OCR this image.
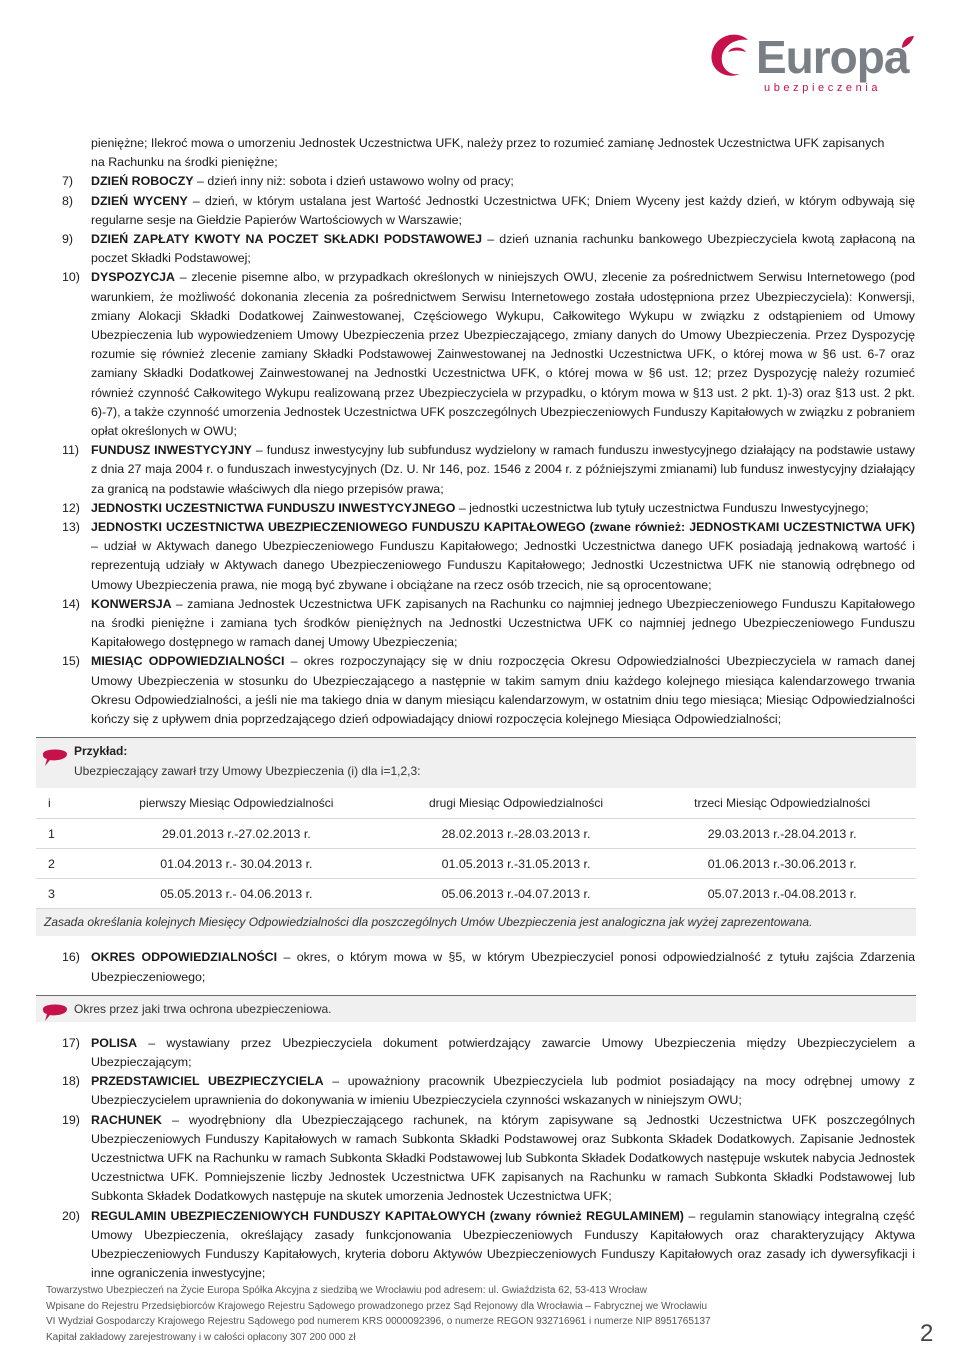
Europa
ubezpieczenia
pieniężne; Ilekroć mowa o umorzeniu Jednostek Uczestnictwa UFK, należy przez to rozumieć zamianę Jednostek Uczestnictwa UFK zapisanych
na Rachunku na środki pieniężne;
7) DZIEŃ ROBOCZY – dzień inny niż: sobota i dzień ustawowo wolny od pracy;
8) DZIEŃ WYCENY – dzień, w którym ustalana jest Wartość Jednostki Uczestnictwa UFK; Dniem Wyceny jest każdy dzień, w którym odbywają się regularne sesje na Giełdzie Papierów Wartościowych w Warszawie;
9) DZIEŃ ZAPŁATY KWOTY NA POCZET SKŁADKI PODSTAWOWEJ – dzień uznania rachunku bankowego Ubezpieczyciela kwotą zapłaconą na poczet Składki Podstawowej;
10) DYSPOZYCJA – zlecenie pisemne albo, w przypadkach określonych w niniejszych OWU, zlecenie za pośrednictwem Serwisu Internetowego (pod warunkiem, że możliwość dokonania zlecenia za pośrednictwem Serwisu Internetowego została udostępniona przez Ubezpieczyciela): Konwersji, zmiany Alokacji Składki Dodatkowej Zainwestowanej, Częściowego Wykupu, Całkowitego Wykupu w związku z odstąpieniem od Umowy Ubezpieczenia lub wypowiedzeniem Umowy Ubezpieczenia przez Ubezpieczającego, zmiany danych do Umowy Ubezpieczenia. Przez Dyspozycję rozumie się również zlecenie zamiany Składki Podstawowej Zainwestowanej na Jednostki Uczestnictwa UFK, o której mowa w §6 ust. 6-7 oraz zamiany Składki Dodatkowej Zainwestowanej na Jednostki Uczestnictwa UFK, o której mowa w §6 ust. 12; przez Dyspozycję należy rozumieć również czynność Całkowitego Wykupu realizowaną przez Ubezpieczyciela w przypadku, o którym mowa w §13 ust. 2 pkt. 1)-3) oraz §13 ust. 2 pkt. 6)-7), a także czynność umorzenia Jednostek Uczestnictwa UFK poszczególnych Ubezpieczeniowych Funduszy Kapitałowych w związku z pobraniem opłat określonych w OWU;
11) FUNDUSZ INWESTYCYJNY – fundusz inwestycyjny lub subfundusz wydzielony w ramach funduszu inwestycyjnego działający na podstawie ustawy z dnia 27 maja 2004 r. o funduszach inwestycyjnych (Dz. U. Nr 146, poz. 1546 z 2004 r. z późniejszymi zmianami) lub fundusz inwestycyjny działający za granicą na podstawie właściwych dla niego przepisów prawa;
12) JEDNOSTKI UCZESTNICTWA FUNDUSZU INWESTYCYJNEGO – jednostki uczestnictwa lub tytuły uczestnictwa Funduszu Inwestycyjnego;
13) JEDNOSTKI UCZESTNICTWA UBEZPIECZENIOWEGO FUNDUSZU KAPITAŁOWEGO (zwane również: JEDNOSTKAMI UCZESTNICTWA UFK) – udział w Aktywach danego Ubezpieczeniowego Funduszu Kapitałowego; Jednostki Uczestnictwa danego UFK posiadają jednakową wartość i reprezentują udziały w Aktywach danego Ubezpieczeniowego Funduszu Kapitałowego; Jednostki Uczestnictwa UFK nie stanowią odrębnego od Umowy Ubezpieczenia prawa, nie mogą być zbywane i obciążane na rzecz osób trzecich, nie są oprocentowane;
14) KONWERSJA – zamiana Jednostek Uczestnictwa UFK zapisanych na Rachunku co najmniej jednego Ubezpieczeniowego Funduszu Kapitałowego na środki pieniężne i zamiana tych środków pieniężnych na Jednostki Uczestnictwa UFK co najmniej jednego Ubezpieczeniowego Funduszu Kapitałowego dostępnego w ramach danej Umowy Ubezpieczenia;
15) MIESIĄC ODPOWIEDZIALNOŚCI – okres rozpoczynający się w dniu rozpoczęcia Okresu Odpowiedzialności Ubezpieczyciela w ramach danej Umowy Ubezpieczenia w stosunku do Ubezpieczającego a następnie w takim samym dniu każdego kolejnego miesiąca kalendarzowego trwania Okresu Odpowiedzialności, a jeśli nie ma takiego dnia w danym miesiącu kalendarzowym, w ostatnim dniu tego miesiąca; Miesiąc Odpowiedzialności kończy się z upływem dnia poprzedzającego dzień odpowiadający dniowi rozpoczęcia kolejnego Miesiąca Odpowiedzialności;
Przykład:
Ubezpieczający zawarł trzy Umowy Ubezpieczenia (i) dla i=1,2,3:
i	pierwszy Miesiąc Odpowiedzialności	drugi Miesiąc Odpowiedzialności	trzeci Miesiąc Odpowiedzialności
1	29.01.2013 r.-27.02.2013 r.	28.02.2013 r.-28.03.2013 r.	29.03.2013 r.-28.04.2013 r.
2	01.04.2013 r.- 30.04.2013 r.	01.05.2013 r.-31.05.2013 r.	01.06.2013 r.-30.06.2013 r.
3	05.05.2013 r.- 04.06.2013 r.	05.06.2013 r.-04.07.2013 r.	05.07.2013 r.-04.08.2013 r.
Zasada określania kolejnych Miesięcy Odpowiedzialności dla poszczególnych Umów Ubezpieczenia jest analogiczna jak wyżej zaprezentowana.
16) OKRES ODPOWIEDZIALNOŚCI – okres, o którym mowa w §5, w którym Ubezpieczyciel ponosi odpowiedzialność z tytułu zajścia Zdarzenia Ubezpieczeniowego;
Okres przez jaki trwa ochrona ubezpieczeniowa.
17) POLISA – wystawiany przez Ubezpieczyciela dokument potwierdzający zawarcie Umowy Ubezpieczenia między Ubezpieczycielem a Ubezpieczającym;
18) PRZEDSTAWICIEL UBEZPIECZYCIELA – upoważniony pracownik Ubezpieczyciela lub podmiot posiadający na mocy odrębnej umowy z Ubezpieczycielem uprawnienia do dokonywania w imieniu Ubezpieczyciela czynności wskazanych w niniejszym OWU;
19) RACHUNEK – wyodrębniony dla Ubezpieczającego rachunek, na którym zapisywane są Jednostki Uczestnictwa UFK poszczególnych Ubezpieczeniowych Funduszy Kapitałowych w ramach Subkonta Składki Podstawowej oraz Subkonta Składek Dodatkowych. Zapisanie Jednostek Uczestnictwa UFK na Rachunku w ramach Subkonta Składki Podstawowej lub Subkonta Składek Dodatkowych następuje wskutek nabycia Jednostek Uczestnictwa UFK. Pomniejszenie liczby Jednostek Uczestnictwa UFK zapisanych na Rachunku w ramach Subkonta Składki Podstawowej lub Subkonta Składek Dodatkowych następuje na skutek umorzenia Jednostek Uczestnictwa UFK;
20) REGULAMIN UBEZPIECZENIOWYCH FUNDUSZY KAPITAŁOWYCH (zwany również REGULAMINEM) – regulamin stanowiący integralną część Umowy Ubezpieczenia, określający zasady funkcjonowania Ubezpieczeniowych Funduszy Kapitałowych oraz charakteryzujący Aktywa Ubezpieczeniowych Funduszy Kapitałowych, kryteria doboru Aktywów Ubezpieczeniowych Funduszy Kapitałowych oraz zasady ich dywersyfikacji i inne ograniczenia inwestycyjne;
Towarzystwo Ubezpieczeń na Życie Europa Spółka Akcyjna z siedzibą we Wrocławiu pod adresem: ul. Gwiaździsta 62, 53-413 Wrocław
Wpisane do Rejestru Przedsiębiorców Krajowego Rejestru Sądowego prowadzonego przez Sąd Rejonowy dla Wrocławia – Fabrycznej we Wrocławiu
VI Wydział Gospodarczy Krajowego Rejestru Sądowego pod numerem KRS 0000092396, o numerze REGON 932716961 i numerze NIP 8951765137
Kapitał zakładowy zarejestrowany i w całości opłacony 307 200 000 zł	2
